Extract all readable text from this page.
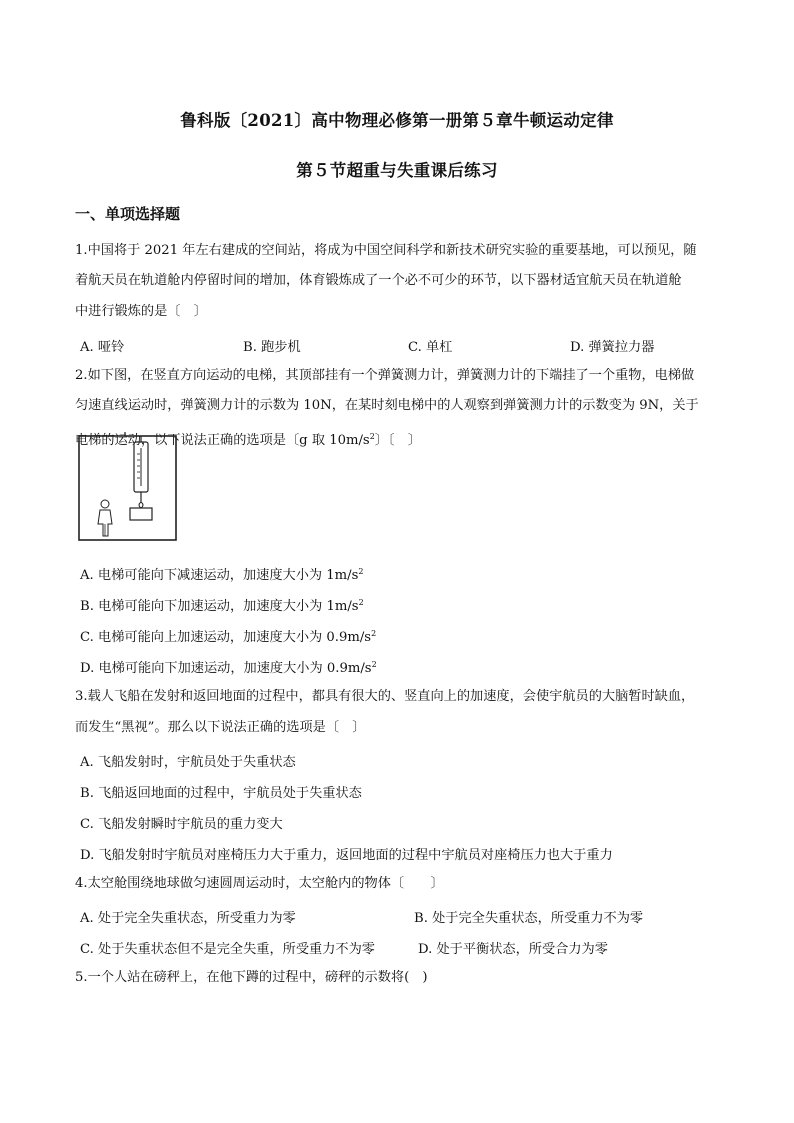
鲁科版〔2021〕高中物理必修第一册第５章牛顿运动定律
第５节超重与失重课后练习
一、单项选择题
1.中国将于 2021 年左右建成的空间站，将成为中国空间科学和新技术研究实验的重要基地，可以预见，随
着航天员在轨道舱内停留时间的增加，体育锻炼成了一个必不可少的环节，以下器材适宜航天员在轨道舱
中进行锻炼的是〔　〕
A. 哑铃	B. 跑步机	C. 单杠	D. 弹簧拉力器
2.如下图，在竖直方向运动的电梯，其顶部挂有一个弹簧测力计，弹簧测力计的下端挂了一个重物，电梯做
匀速直线运动时，弹簧测力计的示数为 10N，在某时刻电梯中的人观察到弹簧测力计的示数变为 9N，关于
电梯的运动，以下说法正确的选项是〔g 取 $10m/s^2$〕〔　〕
A. 电梯可能向下减速运动，加速度大小为 $1m/s^2$
B. 电梯可能向下加速运动，加速度大小为 $1m/s^2$
C. 电梯可能向上加速运动，加速度大小为 $0.9m/s^2$
D. 电梯可能向下加速运动，加速度大小为 $0.9m/s^2$
3.载人飞船在发射和返回地面的过程中，都具有很大的、竖直向上的加速度，会使宇航员的大脑暂时缺血，
而发生“黑视”。那么以下说法正确的选项是〔　〕
A. 飞船发射时，宇航员处于失重状态
B. 飞船返回地面的过程中，宇航员处于失重状态
C. 飞船发射瞬时宇航员的重力变大
D. 飞船发射时宇航员对座椅压力大于重力，返回地面的过程中宇航员对座椅压力也大于重力
4.太空舱围绕地球做匀速圆周运动时，太空舱内的物体〔　　〕
A. 处于完全失重状态，所受重力为零	B. 处于完全失重状态，所受重力不为零
C. 处于失重状态但不是完全失重，所受重力不为零	D. 处于平衡状态，所受合力为零
5.一个人站在磅秤上，在他下蹲的过程中，磅秤的示数将(　)
